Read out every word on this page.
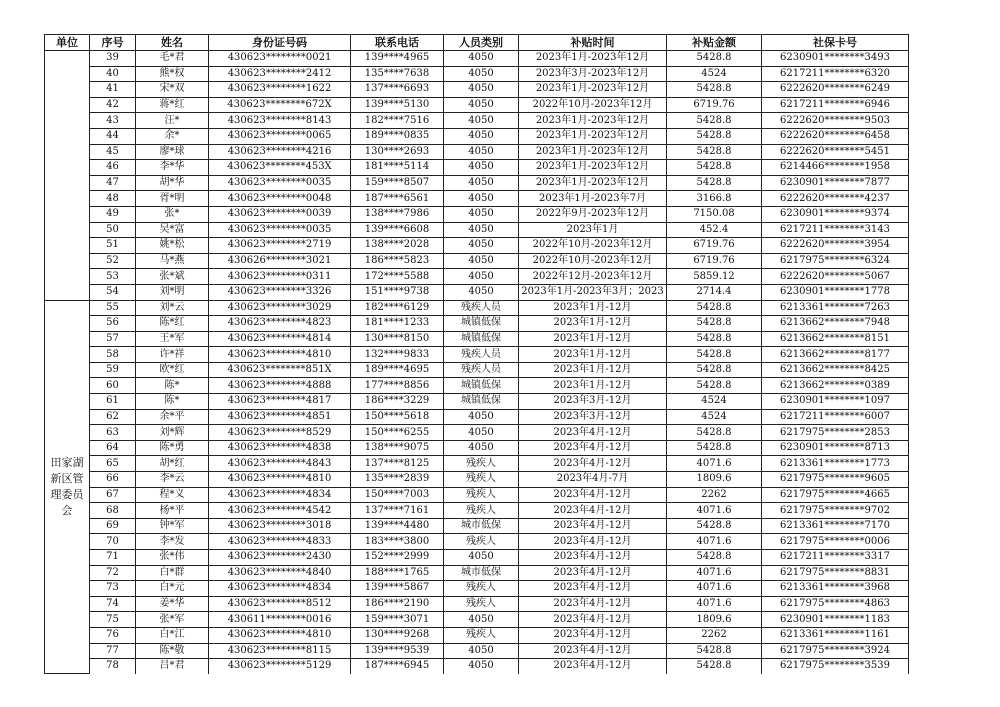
单位	序号	姓名	身份证号码	联系电话	人员类别	补贴时间	补贴金额	社保卡号
	39	毛*君	430623********0021	139****4965	4050	2023年1月-2023年12月	5428.8	6230901********3493
	40	熊*权	430623********2412	135****7638	4050	2023年3月-2023年12月	4524	6217211********6320
	41	宋*双	430623********1622	137****6693	4050	2023年1月-2023年12月	5428.8	6222620********6249
	42	蒋*红	430623********672X	139****5130	4050	2022年10月-2023年12月	6719.76	6217211********6946
	43	汪*	430623********8143	182****7516	4050	2023年1月-2023年12月	5428.8	6222620********9503
	44	余*	430623********0065	189****0835	4050	2023年1月-2023年12月	5428.8	6222620********6458
	45	廖*球	430623********4216	130****2693	4050	2023年1月-2023年12月	5428.8	6222620********5451
	46	李*华	430623********453X	181****5114	4050	2023年1月-2023年12月	5428.8	6214466********1958
	47	胡*华	430623********0035	159****8507	4050	2023年1月-2023年12月	5428.8	6230901********7877
	48	胥*明	430623********0048	187****6561	4050	2023年1月-2023年7月	3166.8	6222620********4237
	49	张*	430623********0039	138****7986	4050	2022年9月-2023年12月	7150.08	6230901********9374
	50	吴*富	430623********0035	139****6608	4050	2023年1月	452.4	6217211********3143
	51	姚*松	430623********2719	138****2028	4050	2022年10月-2023年12月	6719.76	6222620********3954
	52	马*燕	430626********3021	186****5823	4050	2022年10月-2023年12月	6719.76	6217975********6324
	53	张*斌	430623********0311	172****5588	4050	2022年12月-2023年12月	5859.12	6222620********5067
	54	刘*明	430623********3326	151****9738	4050	2023年1月-2023年3月；2023	2714.4	6230901********1778
田家湖新区管理委员会	55	刘*云	430623********3029	182****6129	残疾人员	2023年1月-12月	5428.8	6213361********7263
	56	陈*红	430623********4823	181****1233	城镇低保	2023年1月-12月	5428.8	6213662********7948
	57	王*军	430623********4814	130****8150	城镇低保	2023年1月-12月	5428.8	6213662********8151
	58	许*祥	430623********4810	132****9833	残疾人员	2023年1月-12月	5428.8	6213662********8177
	59	欧*红	430623********851X	189****4695	残疾人员	2023年1月-12月	5428.8	6213662********8425
	60	陈*	430623********4888	177****8856	城镇低保	2023年1月-12月	5428.8	6213662********0389
	61	陈*	430623********4817	186****3229	城镇低保	2023年3月-12月	4524	6230901********1097
	62	余*平	430623********4851	150****5618	4050	2023年3月-12月	4524	6217211********6007
	63	刘*辉	430623********8529	150****6255	4050	2023年4月-12月	5428.8	6217975********2853
	64	陈*勇	430623********4838	138****9075	4050	2023年4月-12月	5428.8	6230901********8713
	65	胡*红	430623********4843	137****8125	残疾人	2023年4月-12月	4071.6	6213361********1773
	66	李*云	430623********4810	135****2839	残疾人	2023年4月-7月	1809.6	6217975********9605
	67	程*义	430623********4834	150****7003	残疾人	2023年4月-12月	2262	6217975********4665
	68	杨*平	430623********4542	137****7161	残疾人	2023年4月-12月	4071.6	6217975********9702
	69	钟*军	430623********3018	139****4480	城市低保	2023年4月-12月	5428.8	6213361********7170
	70	李*发	430623********4833	183****3800	残疾人	2023年4月-12月	4071.6	6217975********0006
	71	张*伟	430623********2430	152****2999	4050	2023年4月-12月	5428.8	6217211********3317
	72	白*群	430623********4840	188****1765	城市低保	2023年4月-12月	4071.6	6217975********8831
	73	白*元	430623********4834	139****5867	残疾人	2023年4月-12月	4071.6	6213361********3968
	74	姜*华	430623********8512	186****2190	残疾人	2023年4月-12月	4071.6	6217975********4863
	75	张*军	430611********0016	159****3071	4050	2023年4月-12月	1809.6	6230901********1183
	76	白*江	430623********4810	130****9268	残疾人	2023年4月-12月	2262	6213361********1161
	77	陈*敬	430623********8115	139****9539	4050	2023年4月-12月	5428.8	6217975********3924
	78	吕*君	430623********5129	187****6945	4050	2023年4月-12月	5428.8	6217975********3539
